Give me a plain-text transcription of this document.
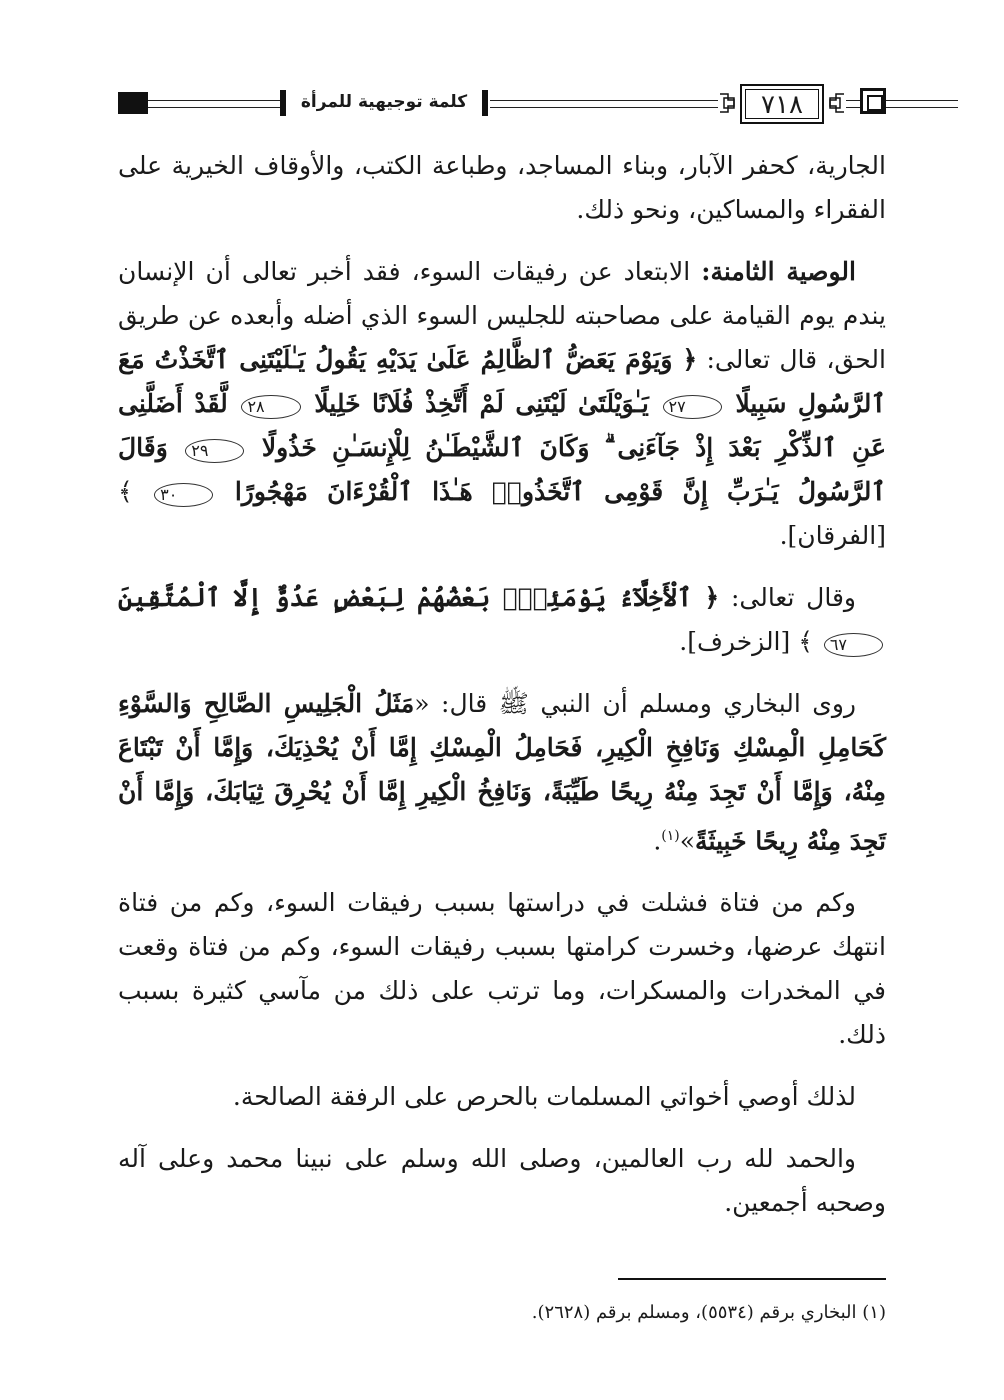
كلمة توجيهية للمرأة	٧١٨

الجارية، كحفر الآبار، وبناء المساجد، وطباعة الكتب، والأوقاف الخيرية على الفقراء والمساكين، ونحو ذلك.

الوصية الثامنة: الابتعاد عن رفيقات السوء، فقد أخبر تعالى أن الإنسان يندم يوم القيامة على مصاحبته للجليس السوء الذي أضله وأبعده عن طريق الحق، قال تعالى: ﴿ وَيَوْمَ يَعَضُّ ٱلظَّالِمُ عَلَىٰ يَدَيْهِ يَقُولُ يَـٰلَيْتَنِى ٱتَّخَذْتُ مَعَ ٱلرَّسُولِ سَبِيلًا ٢٧ يَـٰوَيْلَتَىٰ لَيْتَنِى لَمْ أَتَّخِذْ فُلَانًا خَلِيلًا ٢٨ لَّقَدْ أَضَلَّنِى عَنِ ٱلذِّكْرِ بَعْدَ إِذْ جَآءَنِى ۗ وَكَانَ ٱلشَّيْطَـٰنُ لِلْإِنسَـٰنِ خَذُولًا ٢٩ وَقَالَ ٱلرَّسُولُ يَـٰرَبِّ إِنَّ قَوْمِى ٱتَّخَذُوا۟ هَـٰذَا ٱلْقُرْءَانَ مَهْجُورًا ٣٠ ﴾ [الفرقان].

وقال تعالى: ﴿ ٱلْأَخِلَّآءُ يَوْمَئِذٍۭ بَعْضُهُمْ لِبَعْضٍ عَدُوٌّ إِلَّا ٱلْمُتَّقِينَ ٦٧ ﴾ [الزخرف].

روى البخاري ومسلم أن النبي ﷺ قال: «مَثَلُ الْجَلِيسِ الصَّالِحِ وَالسَّوْءِ كَحَامِلِ الْمِسْكِ وَنَافِخِ الْكِيرِ، فَحَامِلُ الْمِسْكِ إِمَّا أَنْ يُحْذِيَكَ، وَإِمَّا أَنْ تَبْتَاعَ مِنْهُ، وَإِمَّا أَنْ تَجِدَ مِنْهُ رِيحًا طَيِّبَةً، وَنَافِخُ الْكِيرِ إِمَّا أَنْ يُحْرِقَ ثِيَابَكَ، وَإِمَّا أَنْ تَجِدَ مِنْهُ رِيحًا خَبِيثَةً»$^{(١)}$.

وكم من فتاة فشلت في دراستها بسبب رفيقات السوء، وكم من فتاة انتهك عرضها، وخسرت كرامتها بسبب رفيقات السوء، وكم من فتاة وقعت في المخدرات والمسكرات، وما ترتب على ذلك من مآسي كثيرة بسبب ذلك.

لذلك أوصي أخواتي المسلمات بالحرص على الرفقة الصالحة.

والحمد لله رب العالمين، وصلى الله وسلم على نبينا محمد وعلى آله وصحبه أجمعين.

(١) البخاري برقم (٥٥٣٤)، ومسلم برقم (٢٦٢٨).
